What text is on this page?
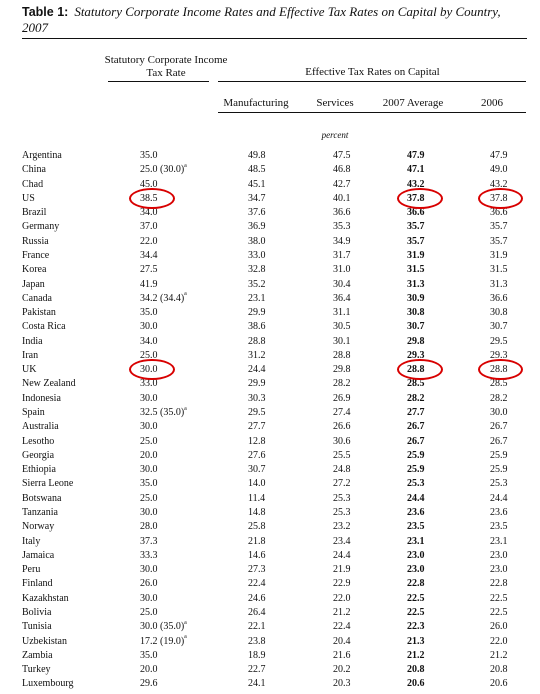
Table 1: Statutory Corporate Income Rates and Effective Tax Rates on Capital by Country, 2007
Statutory Corporate Income Tax Rate	Effective Tax Rates on Capital
Manufacturing	Services	2007 Average	2006
percent
Argentina	35.0	49.8	47.5	47.9	47.9
China	25.0 $(30.0)^a$	48.5	46.8	47.1	49.0
Chad	45.0	45.1	42.7	43.2	43.2
US	38.5	34.7	40.1	37.8	37.8
Brazil	34.0	37.6	36.6	36.6	36.6
Germany	37.0	36.9	35.3	35.7	35.7
Russia	22.0	38.0	34.9	35.7	35.7
France	34.4	33.0	31.7	31.9	31.9
Korea	27.5	32.8	31.0	31.5	31.5
Japan	41.9	35.2	30.4	31.3	31.3
Canada	34.2 $(34.4)^a$	23.1	36.4	30.9	36.6
Pakistan	35.0	29.9	31.1	30.8	30.8
Costa Rica	30.0	38.6	30.5	30.7	30.7
India	34.0	28.8	30.1	29.8	29.5
Iran	25.0	31.2	28.8	29.3	29.3
UK	30.0	24.4	29.8	28.8	28.8
New Zealand	33.0	29.9	28.2	28.5	28.5
Indonesia	30.0	30.3	26.9	28.2	28.2
Spain	32.5 $(35.0)^a$	29.5	27.4	27.7	30.0
Australia	30.0	27.7	26.6	26.7	26.7
Lesotho	25.0	12.8	30.6	26.7	26.7
Georgia	20.0	27.6	25.5	25.9	25.9
Ethiopia	30.0	30.7	24.8	25.9	25.9
Sierra Leone	35.0	14.0	27.2	25.3	25.3
Botswana	25.0	11.4	25.3	24.4	24.4
Tanzania	30.0	14.8	25.3	23.6	23.6
Norway	28.0	25.8	23.2	23.5	23.5
Italy	37.3	21.8	23.4	23.1	23.1
Jamaica	33.3	14.6	24.4	23.0	23.0
Peru	30.0	27.3	21.9	23.0	23.0
Finland	26.0	22.4	22.9	22.8	22.8
Kazakhstan	30.0	24.6	22.0	22.5	22.5
Bolivia	25.0	26.4	21.2	22.5	22.5
Tunisia	30.0 $(35.0)^a$	22.1	22.4	22.3	26.0
Uzbekistan	17.2 $(19.0)^a$	23.8	20.4	21.3	22.0
Zambia	35.0	18.9	21.6	21.2	21.2
Turkey	20.0	22.7	20.2	20.8	20.8
Luxembourg	29.6	24.1	20.3	20.6	20.6
